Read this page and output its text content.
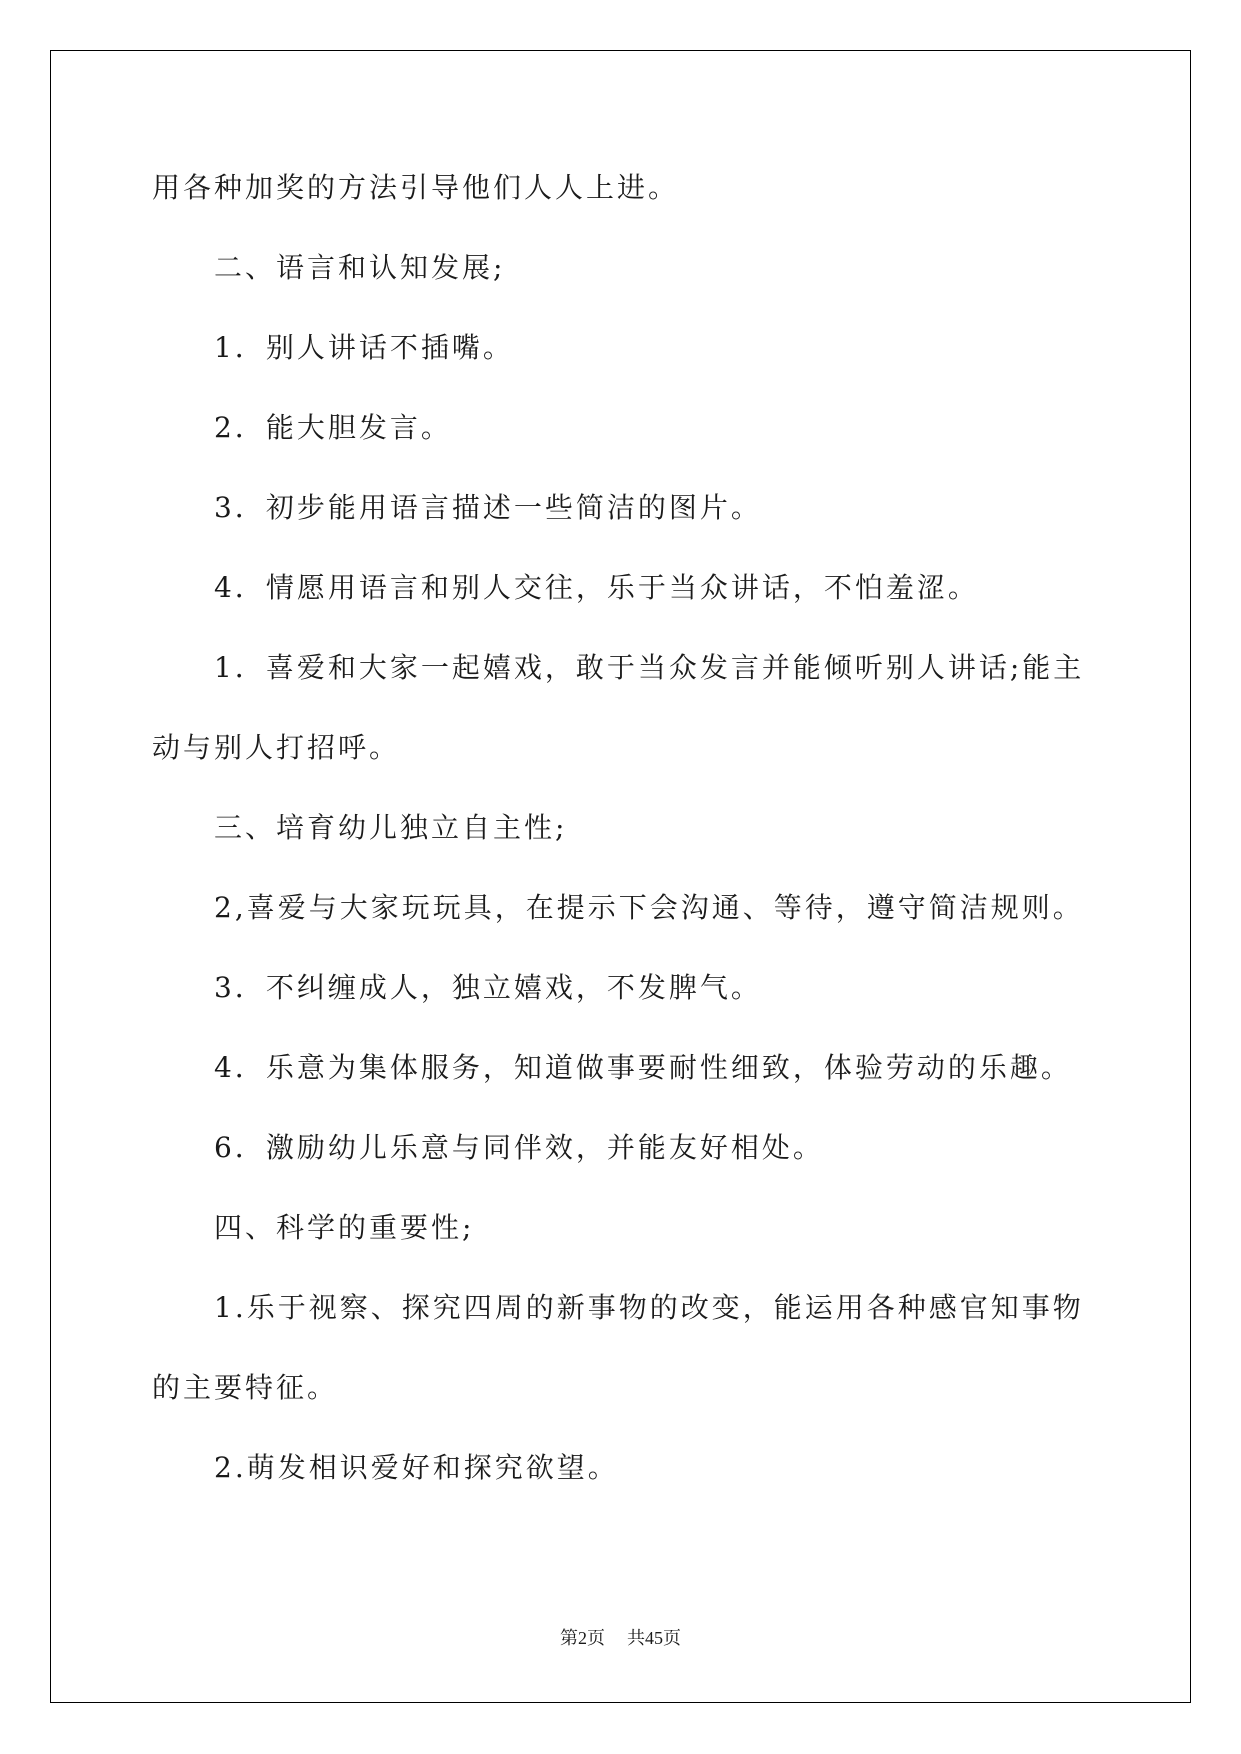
用各种加奖的方法引导他们人人上进。
二、语言和认知发展;
1．别人讲话不插嘴。
2．能大胆发言。
3．初步能用语言描述一些简洁的图片。
4．情愿用语言和别人交往，乐于当众讲话，不怕羞涩。
1．喜爱和大家一起嬉戏，敢于当众发言并能倾听别人讲话;能主
动与别人打招呼。
三、培育幼儿独立自主性;
2,喜爱与大家玩玩具，在提示下会沟通、等待，遵守简洁规则。
3．不纠缠成人，独立嬉戏，不发脾气。
4．乐意为集体服务，知道做事要耐性细致，体验劳动的乐趣。
6．激励幼儿乐意与同伴效，并能友好相处。
四、科学的重要性;
1.乐于视察、探究四周的新事物的改变，能运用各种感官知事物
的主要特征。
2.萌发相识爱好和探究欲望。
第2页 共45页
